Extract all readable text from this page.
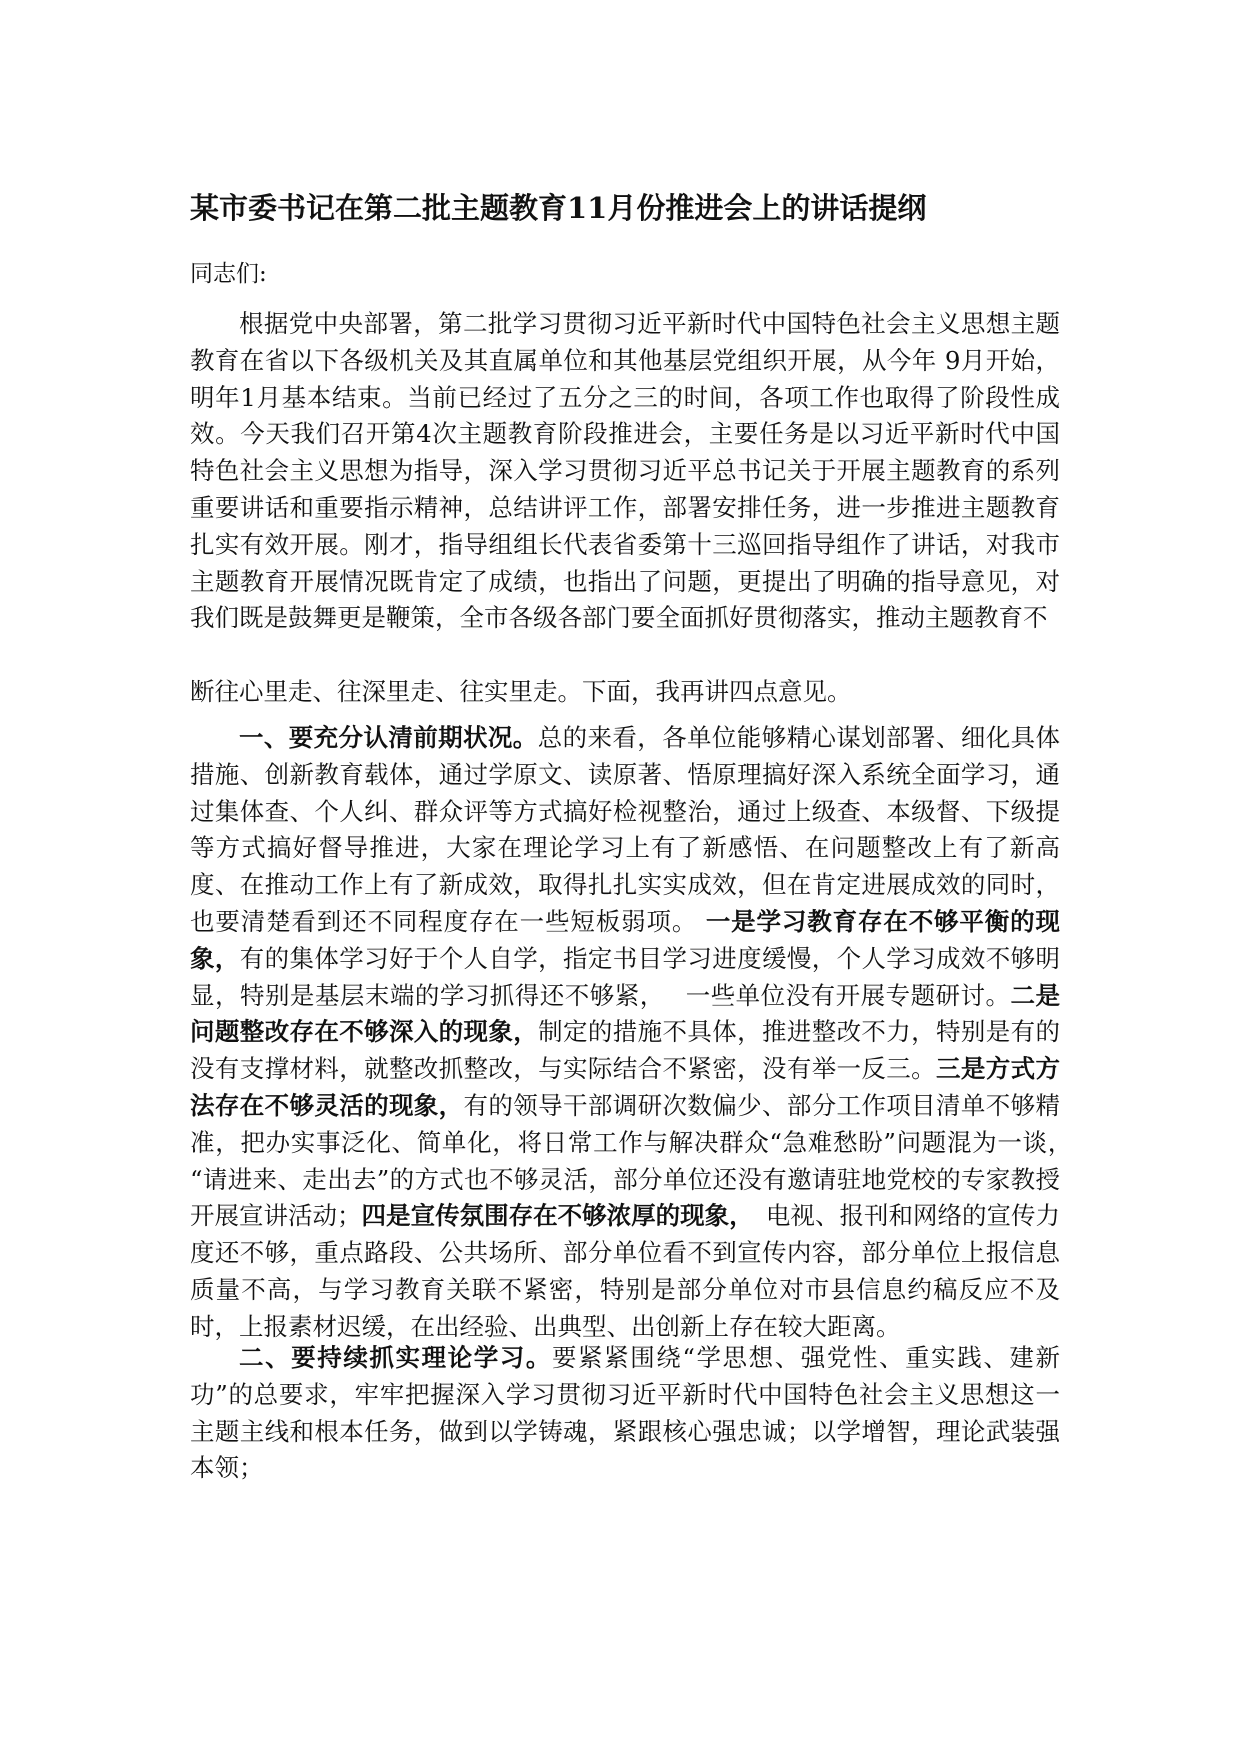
某市委书记在第二批主题教育11月份推进会上的讲话提纲

同志们:

根据党中央部署，第二批学习贯彻习近平新时代中国特色社会主义思想主题教育在省以下各级机关及其直属单位和其他基层党组织开展，从今年 9月开始， 明年1月基本结束。当前已经过了五分之三的时间，各项工作也取得了阶段性成 效。今天我们召开第4次主题教育阶段推进会，主要任务是以习近平新时代中国 特色社会主义思想为指导，深入学习贯彻习近平总书记关于开展主题教育的系列 重要讲话和重要指示精神，总结讲评工作，部署安排任务，进一步推进主题教育 扎实有效开展。刚才，指导组组长代表省委第十三巡回指导组作了讲话，对我市 主题教育开展情况既肯定了成绩，也指出了问题，更提出了明确的指导意见，对 我们既是鼓舞更是鞭策，全市各级各部门要全面抓好贯彻落实，推动主题教育不

断往心里走、往深里走、往实里走。下面，我再讲四点意见。

一、要充分认清前期状况。总的来看，各单位能够精心谋划部署、细化具体措施、创新教育载体，通过学原文、读原著、悟原理搞好深入系统全面学习，通过集体查、个人纠、群众评等方式搞好检视整治，通过上级查、本级督、下级提等方式搞好督导推进，大家在理论学习上有了新感悟、在问题整改上有了新高度、在推动工作上有了新成效，取得扎扎实实成效，但在肯定进展成效的同时，也要清楚看到还不同程度存在一些短板弱项。 一是学习教育存在不够平衡的现象，有的集体学习好于个人自学，指定书目学习进度缓慢，个人学习成效不够明显，特别是基层末端的学习抓得还不够紧，　 一些单位没有开展专题研讨。二是问题整改存在不够深入的现象，制定的措施不具体，推进整改不力，特别是有的没有支撑材料，就整改抓整改，与实际结合不紧密，没有举一反三。三是方式方法存在不够灵活的现象，有的领导干部调研次数偏少、部分工作项目清单不够精准，把办实事泛化、简单化，将日常工作与解决群众“急难愁盼”问题混为一谈，　“请进来、走出去”的方式也不够灵活，部分单位还没有邀请驻地党校的专家教授开展宣讲活动；四是宣传氛围存在不够浓厚的现象，　电视、报刊和网络的宣传力度还不够，重点路段、公共场所、部分单位看不到宣传内容，部分单位上报信息 质量不高，与学习教育关联不紧密，特别是部分单位对市县信息约稿反应不及时，上报素材迟缓，在出经验、出典型、出创新上存在较大距离。

二、要持续抓实理论学习。要紧紧围绕“学思想、强党性、重实践、建新功”的总要求，牢牢把握深入学习贯彻习近平新时代中国特色社会主义思想这一主题主线和根本任务，做到以学铸魂，紧跟核心强忠诚；以学增智，理论武装强本领；
